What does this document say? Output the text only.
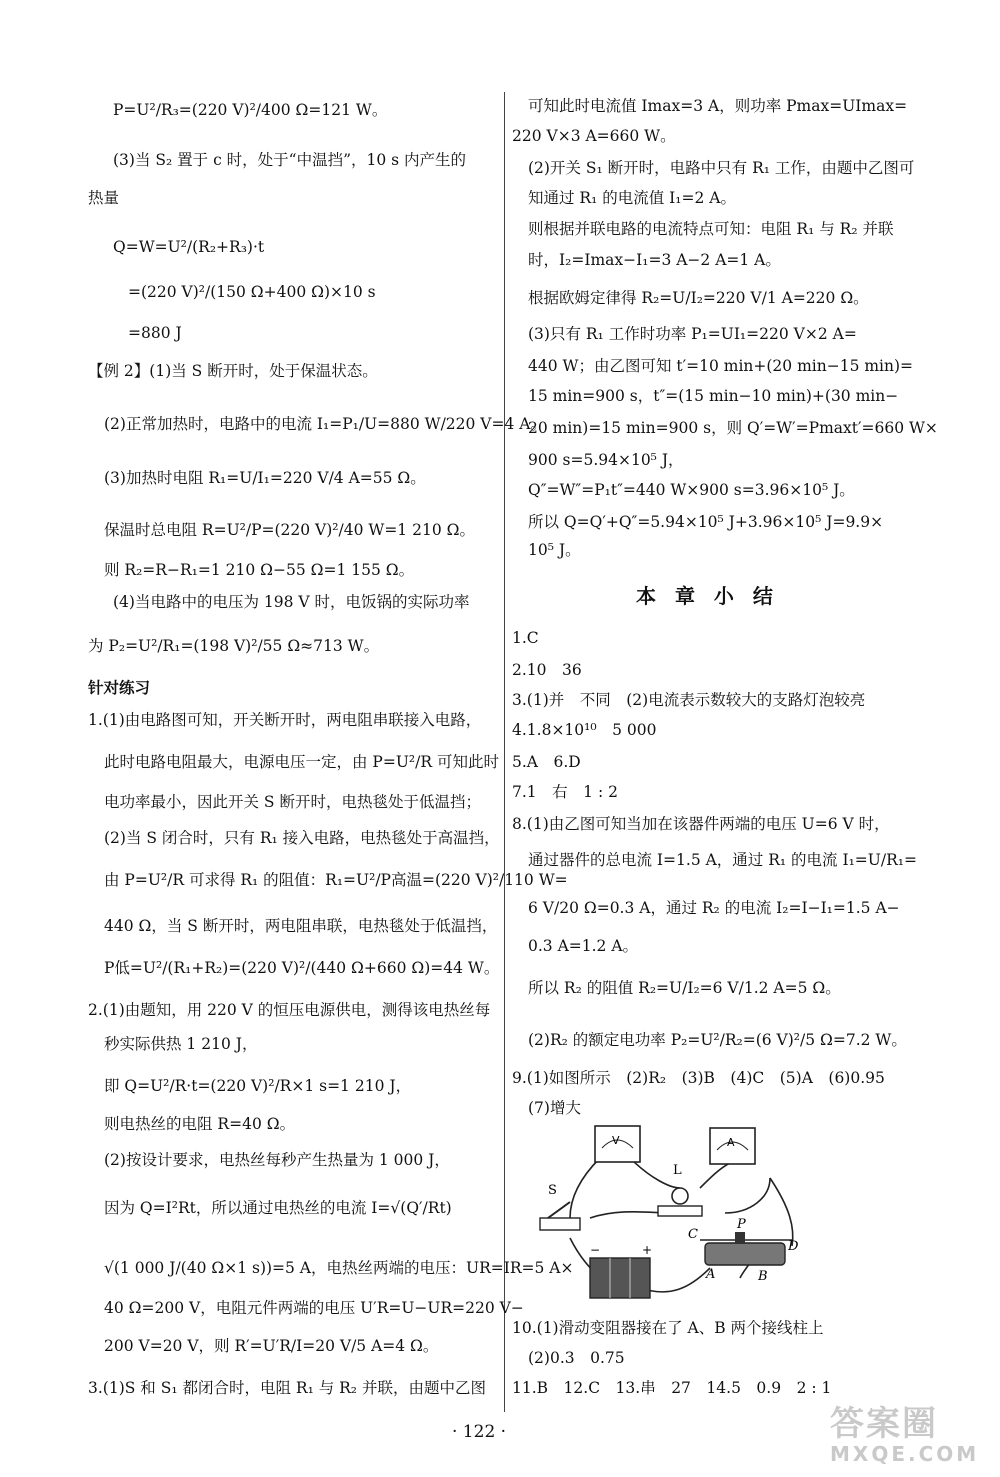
P=U²/R₃=(220 V)²/400 Ω=121 W。
(3)当 S₂ 置于 c 时，处于“中温挡”，10 s 内产生的
热量
Q=W=U²/(R₂+R₃)·t
=(220 V)²/(150 Ω+400 Ω)×10 s
=880 J
【例 2】(1)当 S 断开时，处于保温状态。
(2)正常加热时，电路中的电流 I₁=P₁/U=880 W/220 V=4 A。
(3)加热时电阻 R₁=U/I₁=220 V/4 A=55 Ω。
保温时总电阻 R=U²/P=(220 V)²/40 W=1 210 Ω。
则 R₂=R−R₁=1 210 Ω−55 Ω=1 155 Ω。
(4)当电路中的电压为 198 V 时，电饭锅的实际功率
为 P₂=U²/R₁=(198 V)²/55 Ω≈713 W。
针对练习
1.(1)由电路图可知，开关断开时，两电阻串联接入电路，
此时电路电阻最大，电源电压一定，由 P=U²/R 可知此时
电功率最小，因此开关 S 断开时，电热毯处于低温挡；
(2)当 S 闭合时，只有 R₁ 接入电路，电热毯处于高温挡，
由 P=U²/R 可求得 R₁ 的阻值：R₁=U²/P高温=(220 V)²/110 W=
440 Ω，当 S 断开时，两电阻串联，电热毯处于低温挡，
P低=U²/(R₁+R₂)=(220 V)²/(440 Ω+660 Ω)=44 W。
2.(1)由题知，用 220 V 的恒压电源供电，测得该电热丝每
秒实际供热 1 210 J，
即 Q=U²/R·t=(220 V)²/R×1 s=1 210 J，
则电热丝的电阻 R=40 Ω。
(2)按设计要求，电热丝每秒产生热量为 1 000 J，
因为 Q=I²Rt，所以通过电热丝的电流 I=√(Q′/Rt)
√(1 000 J/(40 Ω×1 s))=5 A，电热丝两端的电压：UR=IR=5 A×
40 Ω=200 V，电阻元件两端的电压 U′R=U−UR=220 V−
200 V=20 V，则 R′=U′R/I=20 V/5 A=4 Ω。
3.(1)S 和 S₁ 都闭合时，电阻 R₁ 与 R₂ 并联，由题中乙图
可知此时电流值 Imax=3 A，则功率 Pmax=UImax=
220 V×3 A=660 W。
(2)开关 S₁ 断开时，电路中只有 R₁ 工作，由题中乙图可
知通过 R₁ 的电流值 I₁=2 A。
则根据并联电路的电流特点可知：电阻 R₁ 与 R₂ 并联
时，I₂=Imax−I₁=3 A−2 A=1 A。
根据欧姆定律得 R₂=U/I₂=220 V/1 A=220 Ω。
(3)只有 R₁ 工作时功率 P₁=UI₁=220 V×2 A=
440 W；由乙图可知 t′=10 min+(20 min−15 min)=
15 min=900 s，t″=(15 min−10 min)+(30 min−
20 min)=15 min=900 s，则 Q′=W′=Pmaxt′=660 W×
900 s=5.94×10⁵ J，
Q″=W″=P₁t″=440 W×900 s=3.96×10⁵ J。
所以 Q=Q′+Q″=5.94×10⁵ J+3.96×10⁵ J=9.9×
10⁵ J。
本 章 小 结
1.C
2.10　36
3.(1)并　不同　(2)电流表示数较大的支路灯泡较亮
4.1.8×10¹⁰　5 000
5.A　6.D
7.1　右　1 : 2
8.(1)由乙图可知当加在该器件两端的电压 U=6 V 时，
通过器件的总电流 I=1.5 A，通过 R₁ 的电流 I₁=U/R₁=
6 V/20 Ω=0.3 A，通过 R₂ 的电流 I₂=I−I₁=1.5 A−
0.3 A=1.2 A。
所以 R₂ 的阻值 R₂=U/I₂=6 V/1.2 A=5 Ω。
(2)R₂ 的额定电功率 P₂=U²/R₂=(6 V)²/5 Ω=7.2 W。
9.(1)如图所示　(2)R₂　(3)B　(4)C　(5)A　(6)0.95
(7)增大
V	A
L
S
−	+
C
P
D
A	B
10.(1)滑动变阻器接在了 A、B 两个接线柱上
(2)0.3　0.75
11.B　12.C　13.串　27　14.5　0.9　2 : 1
· 122 ·	答案圈
MXQE.COM
